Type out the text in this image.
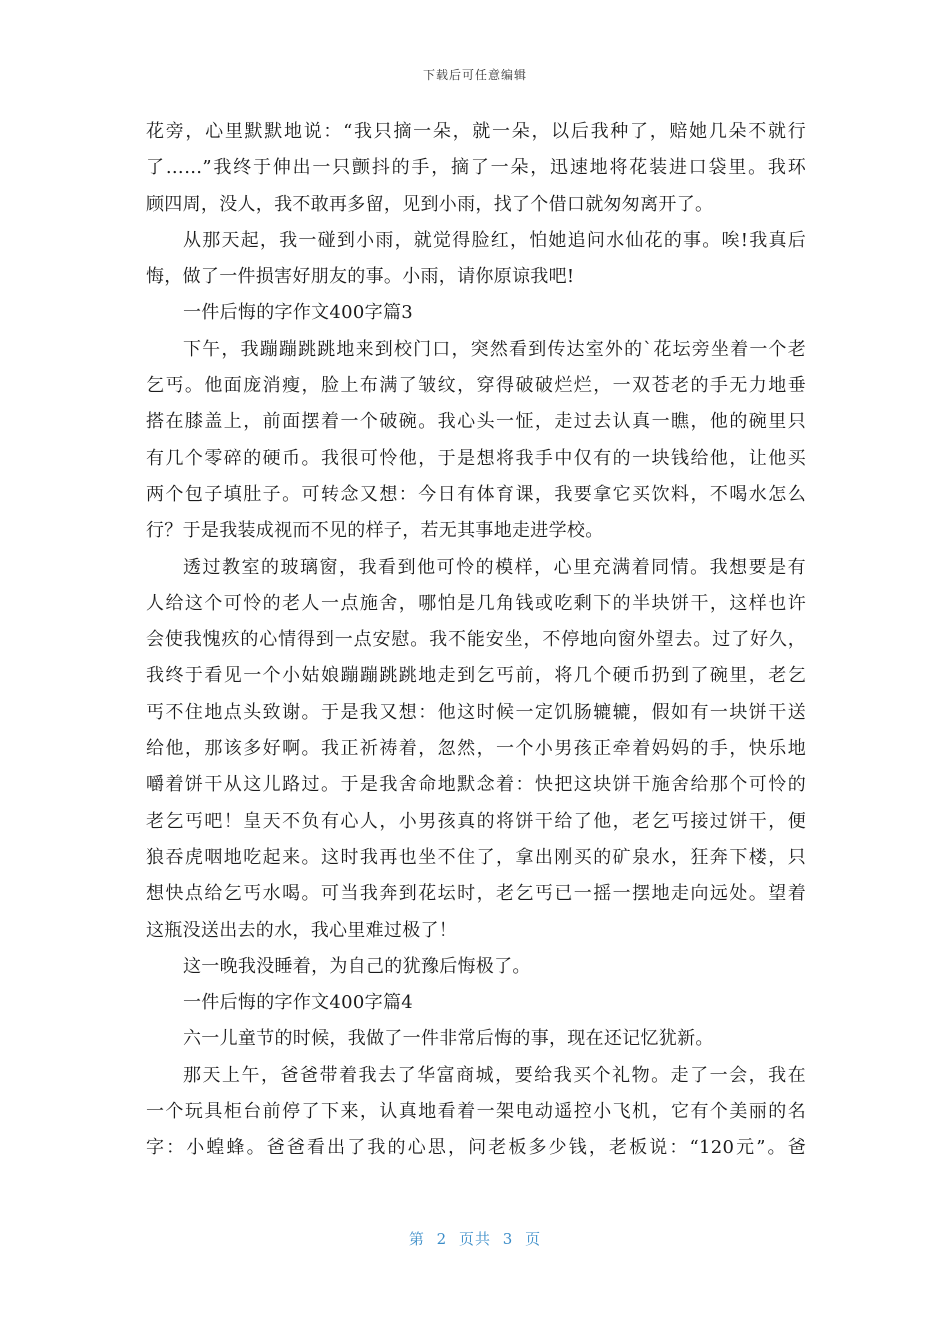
下载后可任意编辑
花旁，心里默默地说：“我只摘一朵，就一朵，以后我种了，赔她几朵不就行
了……”我终于伸出一只颤抖的手，摘了一朵，迅速地将花装进口袋里。我环
顾四周，没人，我不敢再多留，见到小雨，找了个借口就匆匆离开了。
从那天起，我一碰到小雨，就觉得脸红，怕她追问水仙花的事。唉!我真后
悔，做了一件损害好朋友的事。小雨，请你原谅我吧!
一件后悔的字作文400字篇3
下午，我蹦蹦跳跳地来到校门口，突然看到传达室外的`花坛旁坐着一个老
乞丐。他面庞消瘦，脸上布满了皱纹，穿得破破烂烂，一双苍老的手无力地垂
搭在膝盖上，前面摆着一个破碗。我心头一怔，走过去认真一瞧，他的碗里只
有几个零碎的硬币。我很可怜他，于是想将我手中仅有的一块钱给他，让他买
两个包子填肚子。可转念又想：今日有体育课，我要拿它买饮料，不喝水怎么
行？于是我装成视而不见的样子，若无其事地走进学校。
透过教室的玻璃窗，我看到他可怜的模样，心里充满着同情。我想要是有
人给这个可怜的老人一点施舍，哪怕是几角钱或吃剩下的半块饼干，这样也许
会使我愧疚的心情得到一点安慰。我不能安坐，不停地向窗外望去。过了好久，
我终于看见一个小姑娘蹦蹦跳跳地走到乞丐前，将几个硬币扔到了碗里，老乞
丐不住地点头致谢。于是我又想：他这时候一定饥肠辘辘，假如有一块饼干送
给他，那该多好啊。我正祈祷着，忽然，一个小男孩正牵着妈妈的手，快乐地
嚼着饼干从这儿路过。于是我舍命地默念着：快把这块饼干施舍给那个可怜的
老乞丐吧！皇天不负有心人，小男孩真的将饼干给了他，老乞丐接过饼干，便
狼吞虎咽地吃起来。这时我再也坐不住了，拿出刚买的矿泉水，狂奔下楼，只
想快点给乞丐水喝。可当我奔到花坛时，老乞丐已一摇一摆地走向远处。望着
这瓶没送出去的水，我心里难过极了！
这一晚我没睡着，为自己的犹豫后悔极了。
一件后悔的字作文400字篇4
六一儿童节的时候，我做了一件非常后悔的事，现在还记忆犹新。
那天上午，爸爸带着我去了华富商城，要给我买个礼物。走了一会，我在
一个玩具柜台前停了下来，认真地看着一架电动遥控小飞机，它有个美丽的名
字：小蝗蜂。爸爸看出了我的心思，问老板多少钱，老板说：“120元”。爸
第 2 页共 3 页
